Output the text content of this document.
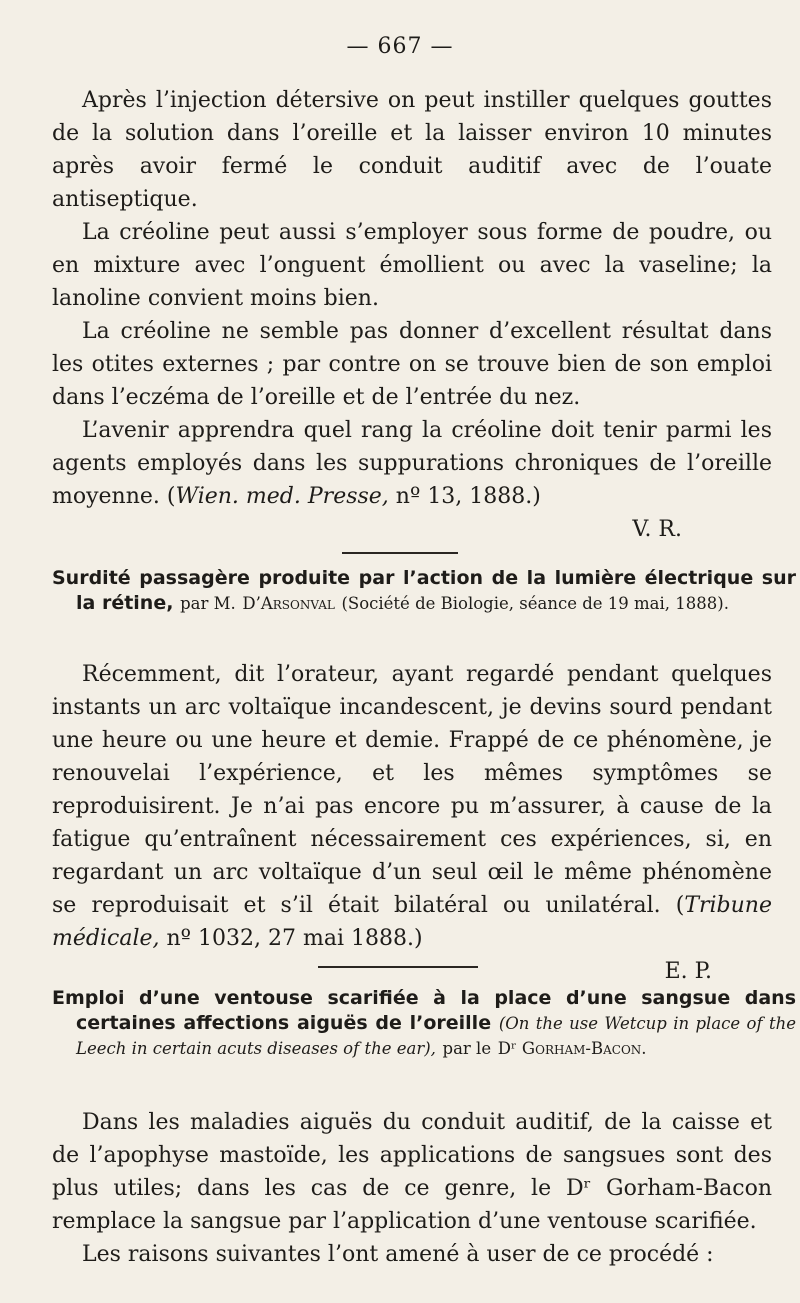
— 667 —

Après l’injection détersive on peut instiller quelques gouttes de la solution dans l’oreille et la laisser environ 10 minutes après avoir fermé le conduit auditif avec de l’ouate antiseptique.

La créoline peut aussi s’employer sous forme de poudre, ou en mixture avec l’onguent émollient ou avec la vaseline; la lanoline convient moins bien.

La créoline ne semble pas donner d’excellent résultat dans les otites externes ; par contre on se trouve bien de son emploi dans l’eczéma de l’oreille et de l’entrée du nez.

L’avenir apprendra quel rang la créoline doit tenir parmi les agents employés dans les suppurations chroniques de l’oreille moyenne. (Wien. med. Presse, nº 13, 1888.)

V. R.

Surdité passagère produite par l’action de la lumière électrique sur la rétine, par M. D’Arsonval (Société de Biologie, séance de 19 mai, 1888).

Récemment, dit l’orateur, ayant regardé pendant quelques instants un arc voltaïque incandescent, je devins sourd pendant une heure ou une heure et demie. Frappé de ce phénomène, je renouvelai l’expérience, et les mêmes symptômes se reproduisirent. Je n’ai pas encore pu m’assurer, à cause de la fatigue qu’entraînent nécessairement ces expériences, si, en regardant un arc voltaïque d’un seul œil le même phénomène se reproduisait et s’il était bilatéral ou unilatéral. (Tribune médicale, nº 1032, 27 mai 1888.)

E. P.

Emploi d’une ventouse scarifiée à la place d’une sangsue dans certaines affections aiguës de l’oreille (On the use Wetcup in place of the Leech in certain acuts diseases of the ear), par le Dʳ Gorham-Bacon.

Dans les maladies aiguës du conduit auditif, de la caisse et de l’apophyse mastoïde, les applications de sangsues sont des plus utiles; dans les cas de ce genre, le Dʳ Gorham-Bacon remplace la sangsue par l’application d’une ventouse scarifiée.

Les raisons suivantes l’ont amené à user de ce procédé :
